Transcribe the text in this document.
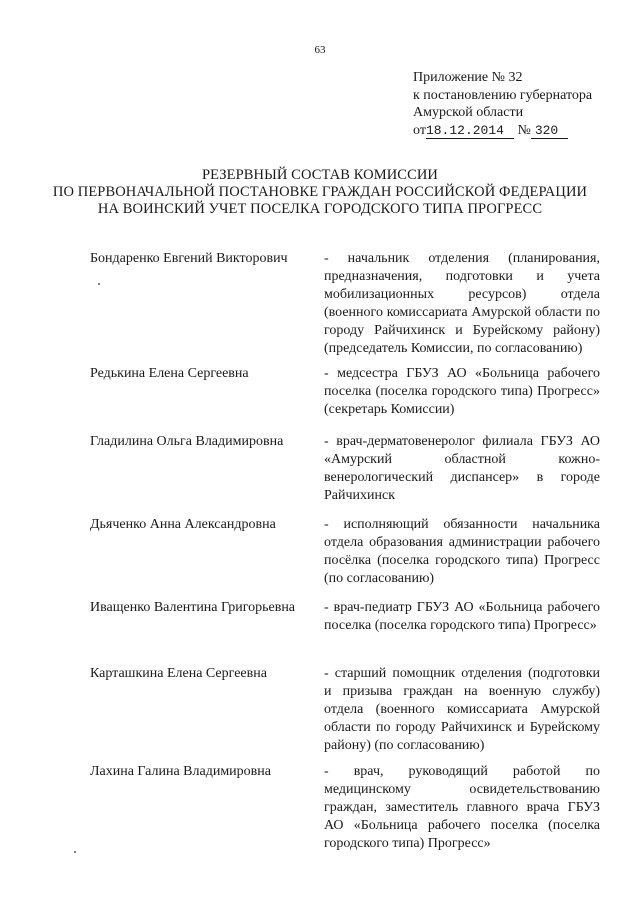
63
Приложение № 32
к постановлению губернатора
Амурской области
от18.12.2014 № 320
РЕЗЕРВНЫЙ СОСТАВ КОМИССИИ
ПО ПЕРВОНАЧАЛЬНОЙ ПОСТАНОВКЕ ГРАЖДАН РОССИЙСКОЙ ФЕДЕРАЦИИ
НА ВОИНСКИЙ УЧЕТ ПОСЕЛКА ГОРОДСКОГО ТИПА ПРОГРЕСС
Бондаренко Евгений Викторович	- начальник отделения (планирования, предназначения, подготовки и учета мобилизационных ресурсов) отдела (военного комиссариата Амурской области по городу Райчихинск и Бурейскому району) (председатель Комиссии, по согласованию)
Редькина Елена Сергеевна	- медсестра ГБУЗ АО «Больница рабочего поселка (поселка городского типа) Прогресс» (секретарь Комиссии)
Гладилина Ольга Владимировна	- врач-дерматовенеролог филиала ГБУЗ АО «Амурский областной кожно-венерологический диспансер» в городе Райчихинск
Дьяченко Анна Александровна	- исполняющий обязанности начальника отдела образования администрации рабочего посёлка (поселка городского типа) Прогресс (по согласованию)
Иващенко Валентина Григорьевна	- врач-педиатр ГБУЗ АО «Больница рабочего поселка (поселка городского типа) Прогресс»
Карташкина Елена Сергеевна	- старший помощник отделения (подготовки и призыва граждан на военную службу) отдела (военного комиссариата Амурской области по городу Райчихинск и Бурейскому району) (по согласованию)
Лахина Галина Владимировна	- врач, руководящий работой по медицинскому освидетельствованию граждан, заместитель главного врача ГБУЗ АО «Больница рабочего поселка (поселка городского типа) Прогресс»
